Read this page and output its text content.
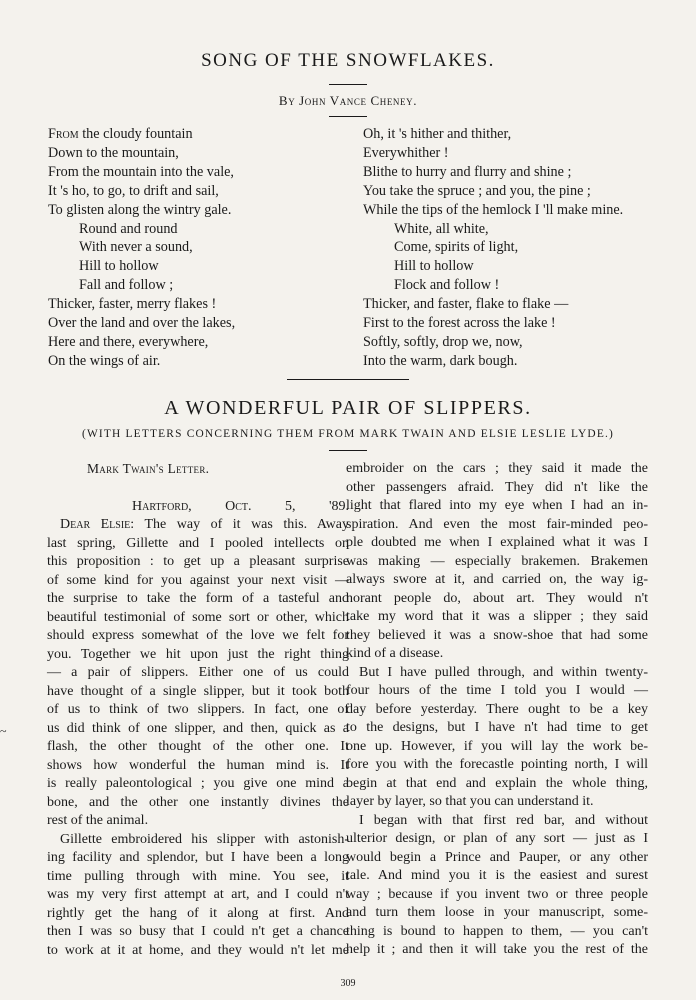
SONG OF THE SNOWFLAKES.
By John Vance Cheney.
From the cloudy fountain
Down to the mountain,
From the mountain into the vale,
It 's ho, to go, to drift and sail,
To glisten along the wintry gale.
Round and round
With never a sound,
Hill to hollow
Fall and follow ;
Thicker, faster, merry flakes !
Over the land and over the lakes,
Here and there, everywhere,
On the wings of air.
Oh, it 's hither and thither,
Everywhither !
Blithe to hurry and flurry and shine ;
You take the spruce ; and you, the pine ;
While the tips of the hemlock I 'll make mine.
White, all white,
Come, spirits of light,
Hill to hollow
Flock and follow !
Thicker, and faster, flake to flake —
First to the forest across the lake !
Softly, softly, drop we, now,
Into the warm, dark bough.
A WONDERFUL PAIR OF SLIPPERS.
(WITH LETTERS CONCERNING THEM FROM MARK TWAIN AND ELSIE LESLIE LYDE.)
Mark Twain's Letter.
Hartford, Oct. 5, '89.
Dear Elsie: The way of it was this. Away
last spring, Gillette and I pooled intellects on
this proposition : to get up a pleasant surprise
of some kind for you against your next visit —
the surprise to take the form of a tasteful and
beautiful testimonial of some sort or other, which
should express somewhat of the love we felt for
you. Together we hit upon just the right thing
— a pair of slippers. Either one of us could
have thought of a single slipper, but it took both
of us to think of two slippers. In fact, one of
us did think of one slipper, and then, quick as a
flash, the other thought of the other one. It
shows how wonderful the human mind is. It
is really paleontological ; you give one mind a
bone, and the other one instantly divines the
rest of the animal.
Gillette embroidered his slipper with astonish-
ing facility and splendor, but I have been a long
time pulling through with mine. You see, it
was my very first attempt at art, and I could n't
rightly get the hang of it along at first. And
then I was so busy that I could n't get a chance
to work at it at home, and they would n't let me
embroider on the cars ; they said it made the
other passengers afraid. They did n't like the
light that flared into my eye when I had an in-
spiration. And even the most fair-minded peo-
ple doubted me when I explained what it was I
was making — especially brakemen. Brakemen
always swore at it, and carried on, the way ig-
norant people do, about art. They would n't
take my word that it was a slipper ; they said
they believed it was a snow-shoe that had some
kind of a disease.
But I have pulled through, and within twenty-
four hours of the time I told you I would —
day before yesterday. There ought to be a key
to the designs, but I have n't had time to get
one up. However, if you will lay the work be-
fore you with the forecastle pointing north, I will
begin at that end and explain the whole thing,
layer by layer, so that you can understand it.
I began with that first red bar, and without
ulterior design, or plan of any sort — just as I
would begin a Prince and Pauper, or any other
tale. And mind you it is the easiest and surest
way ; because if you invent two or three people
and turn them loose in your manuscript, some-
thing is bound to happen to them, — you can't
help it ; and then it will take you the rest of the
~
309
